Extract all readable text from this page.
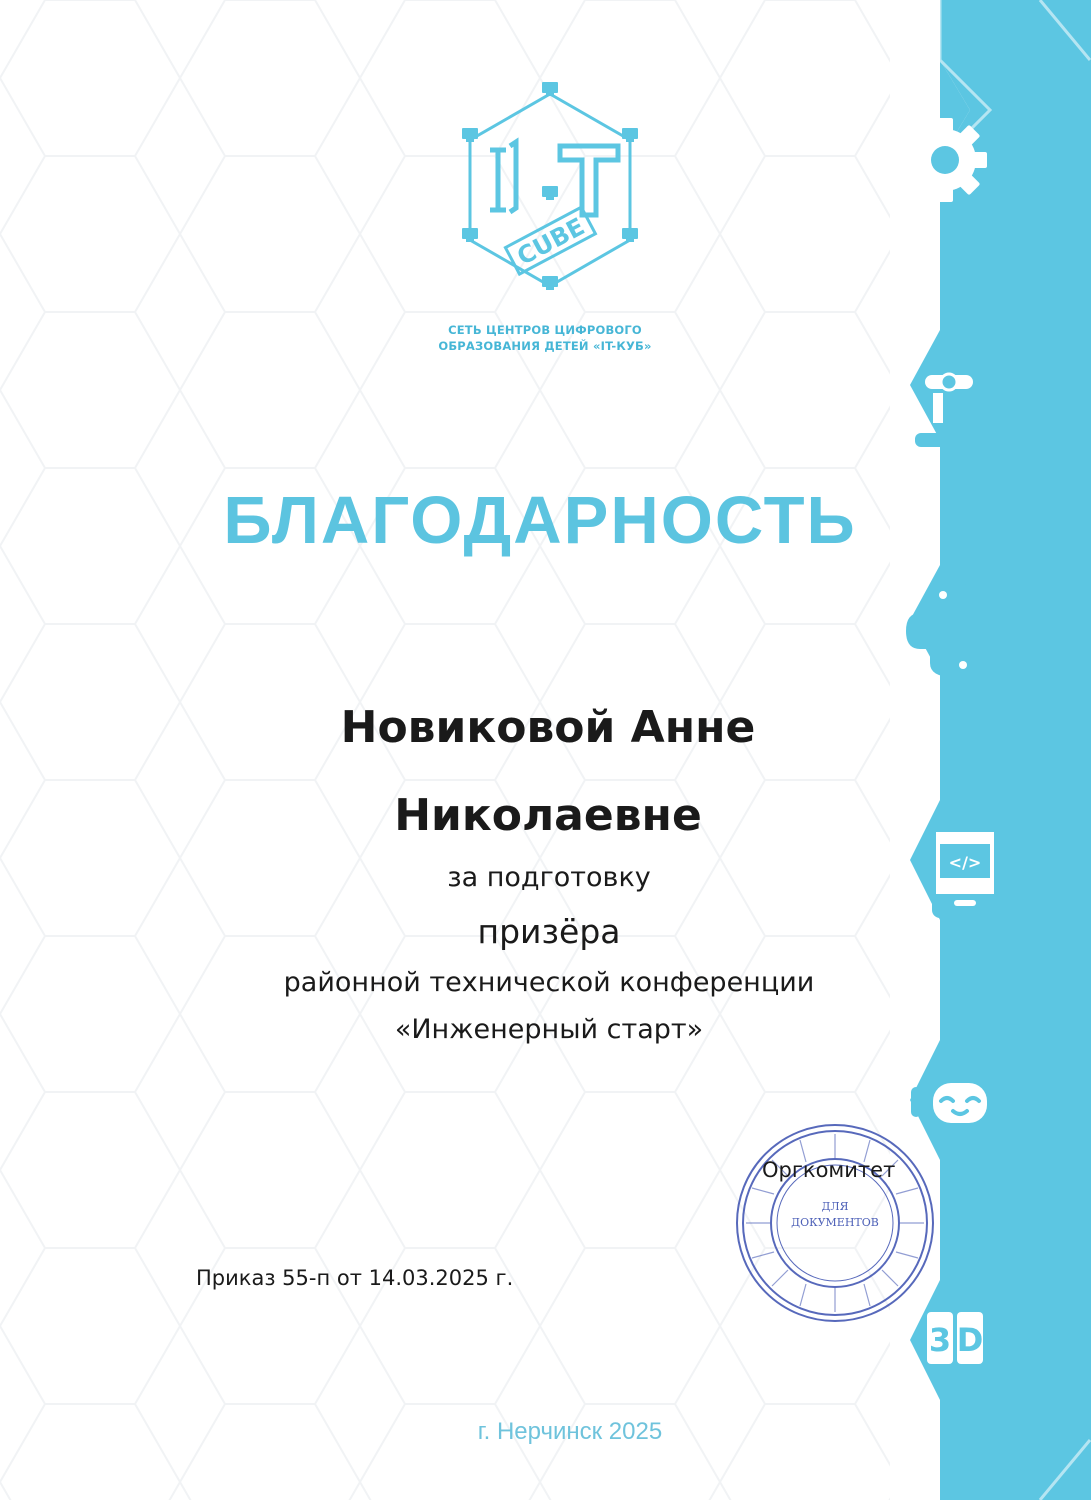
</>
3 D
CUBE
СЕТЬ ЦЕНТРОВ ЦИФРОВОГО
ОБРАЗОВАНИЯ ДЕТЕЙ «IT-КУБ»
БЛАГОДАРНОСТЬ
Новиковой Анне
Николаевне
за подготовку
призёра
районной технической конференции
«Инженерный старт»
ДЛЯ
ДОКУМЕНТОВ
Оргкомитет
Приказ 55-п от 14.03.2025 г.
г. Нерчинск 2025
